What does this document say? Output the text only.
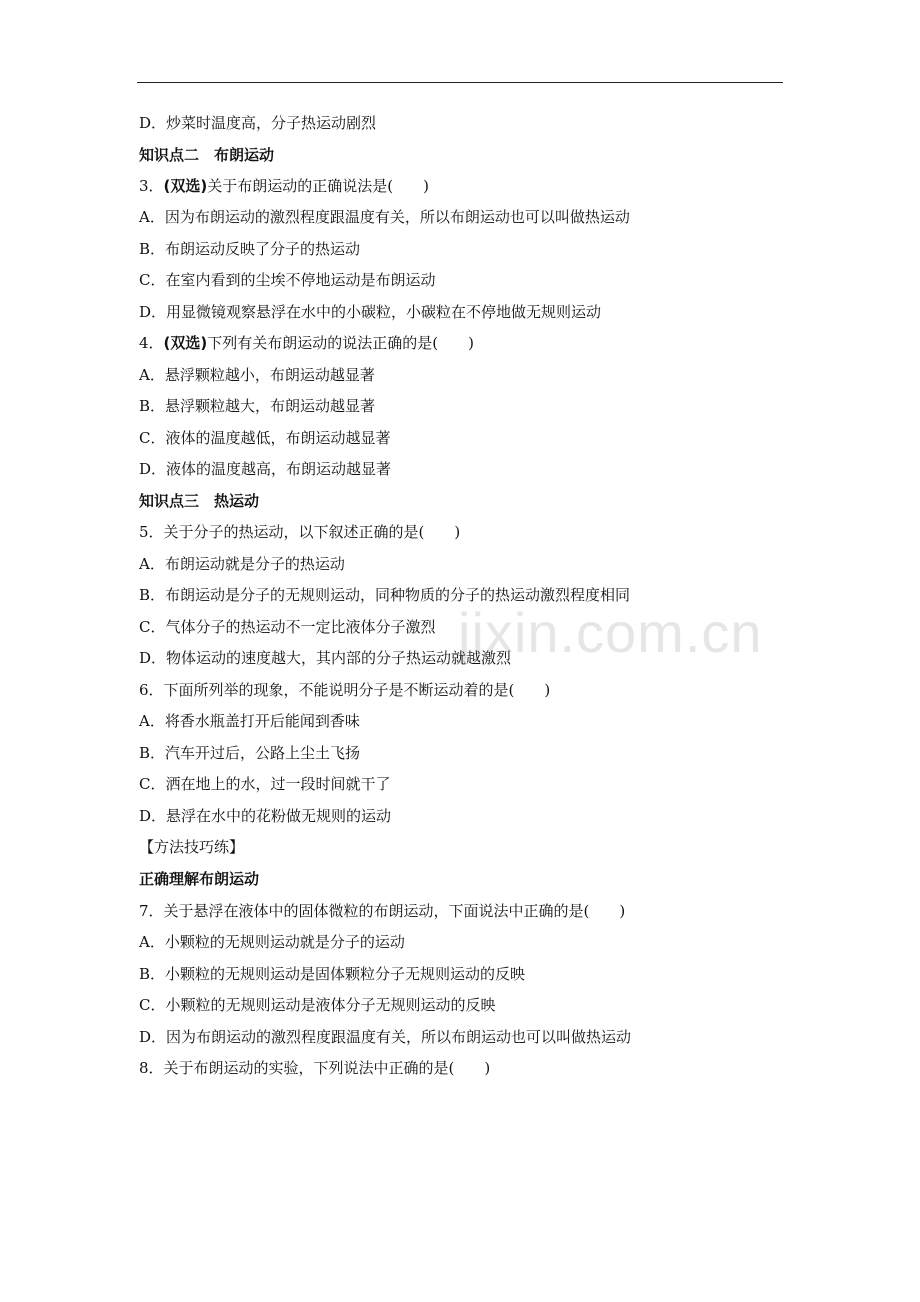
jixin.com.cn
D．炒菜时温度高，分子热运动剧烈
知识点二　布朗运动
3．(双选)关于布朗运动的正确说法是(　　)
A．因为布朗运动的激烈程度跟温度有关，所以布朗运动也可以叫做热运动
B．布朗运动反映了分子的热运动
C．在室内看到的尘埃不停地运动是布朗运动
D．用显微镜观察悬浮在水中的小碳粒，小碳粒在不停地做无规则运动
4．(双选)下列有关布朗运动的说法正确的是(　　)
A．悬浮颗粒越小，布朗运动越显著
B．悬浮颗粒越大，布朗运动越显著
C．液体的温度越低，布朗运动越显著
D．液体的温度越高，布朗运动越显著
知识点三　热运动
5．关于分子的热运动，以下叙述正确的是(　　)
A．布朗运动就是分子的热运动
B．布朗运动是分子的无规则运动，同种物质的分子的热运动激烈程度相同
C．气体分子的热运动不一定比液体分子激烈
D．物体运动的速度越大，其内部的分子热运动就越激烈
6．下面所列举的现象，不能说明分子是不断运动着的是(　　)
A．将香水瓶盖打开后能闻到香味
B．汽车开过后，公路上尘土飞扬
C．洒在地上的水，过一段时间就干了
D．悬浮在水中的花粉做无规则的运动
【方法技巧练】
正确理解布朗运动
7．关于悬浮在液体中的固体微粒的布朗运动，下面说法中正确的是(　　)
A．小颗粒的无规则运动就是分子的运动
B．小颗粒的无规则运动是固体颗粒分子无规则运动的反映
C．小颗粒的无规则运动是液体分子无规则运动的反映
D．因为布朗运动的激烈程度跟温度有关，所以布朗运动也可以叫做热运动
8．关于布朗运动的实验，下列说法中正确的是(　　)
